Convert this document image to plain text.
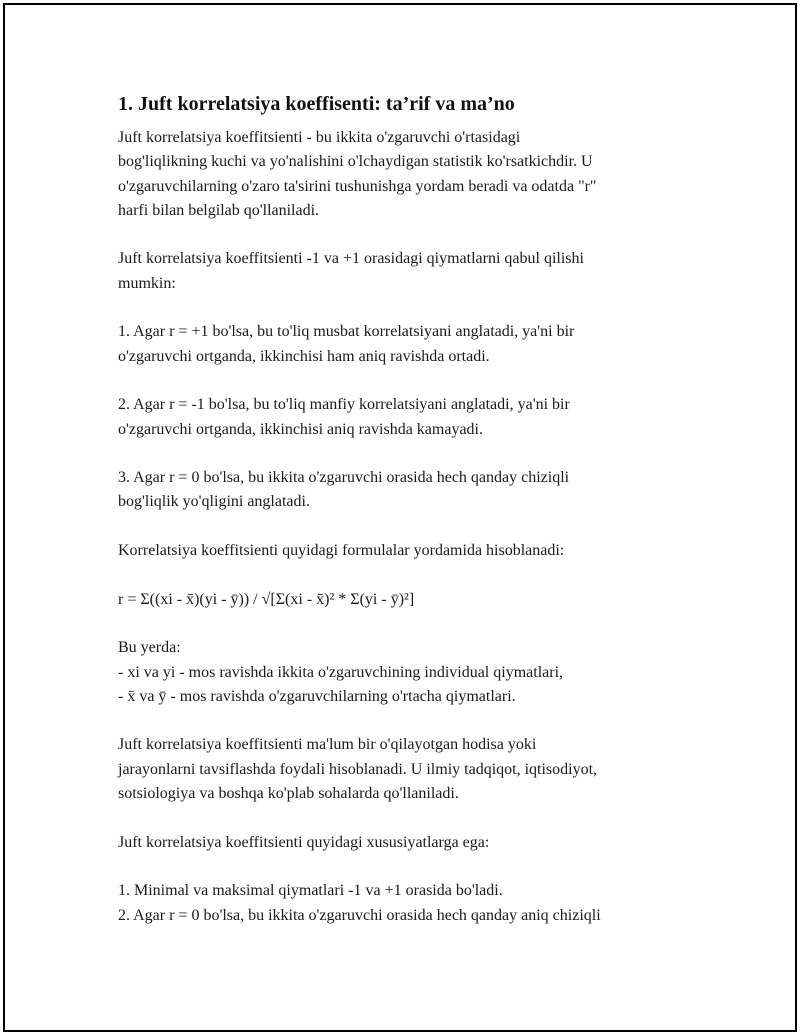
1. Juft korrelatsiya koeffisenti: ta’rif va ma’no
Juft korrelatsiya koeffitsienti - bu ikkita o'zgaruvchi o'rtasidagi
bog'liqlikning kuchi va yo'nalishini o'lchaydigan statistik ko'rsatkichdir. U
o'zgaruvchilarning o'zaro ta'sirini tushunishga yordam beradi va odatda "r"
harfi bilan belgilab qo'llaniladi.
Juft korrelatsiya koeffitsienti -1 va +1 orasidagi qiymatlarni qabul qilishi
mumkin:
1. Agar r = +1 bo'lsa, bu to'liq musbat korrelatsiyani anglatadi, ya'ni bir
o'zgaruvchi ortganda, ikkinchisi ham aniq ravishda ortadi.
2. Agar r = -1 bo'lsa, bu to'liq manfiy korrelatsiyani anglatadi, ya'ni bir
o'zgaruvchi ortganda, ikkinchisi aniq ravishda kamayadi.
3. Agar r = 0 bo'lsa, bu ikkita o'zgaruvchi orasida hech qanday chiziqli
bog'liqlik yo'qligini anglatadi.
Korrelatsiya koeffitsienti quyidagi formulalar yordamida hisoblanadi:
r = Σ((xi - x̄)(yi - ȳ)) / √[Σ(xi - x̄)² * Σ(yi - ȳ)²]
Bu yerda:
- xi va yi - mos ravishda ikkita o'zgaruvchining individual qiymatlari,
- x̄ va ȳ - mos ravishda o'zgaruvchilarning o'rtacha qiymatlari.
Juft korrelatsiya koeffitsienti ma'lum bir o'qilayotgan hodisa yoki
jarayonlarni tavsiflashda foydali hisoblanadi. U ilmiy tadqiqot, iqtisodiyot,
sotsiologiya va boshqa ko'plab sohalarda qo'llaniladi.
Juft korrelatsiya koeffitsienti quyidagi xususiyatlarga ega:
1. Minimal va maksimal qiymatlari -1 va +1 orasida bo'ladi.
2. Agar r = 0 bo'lsa, bu ikkita o'zgaruvchi orasida hech qanday aniq chiziqli
